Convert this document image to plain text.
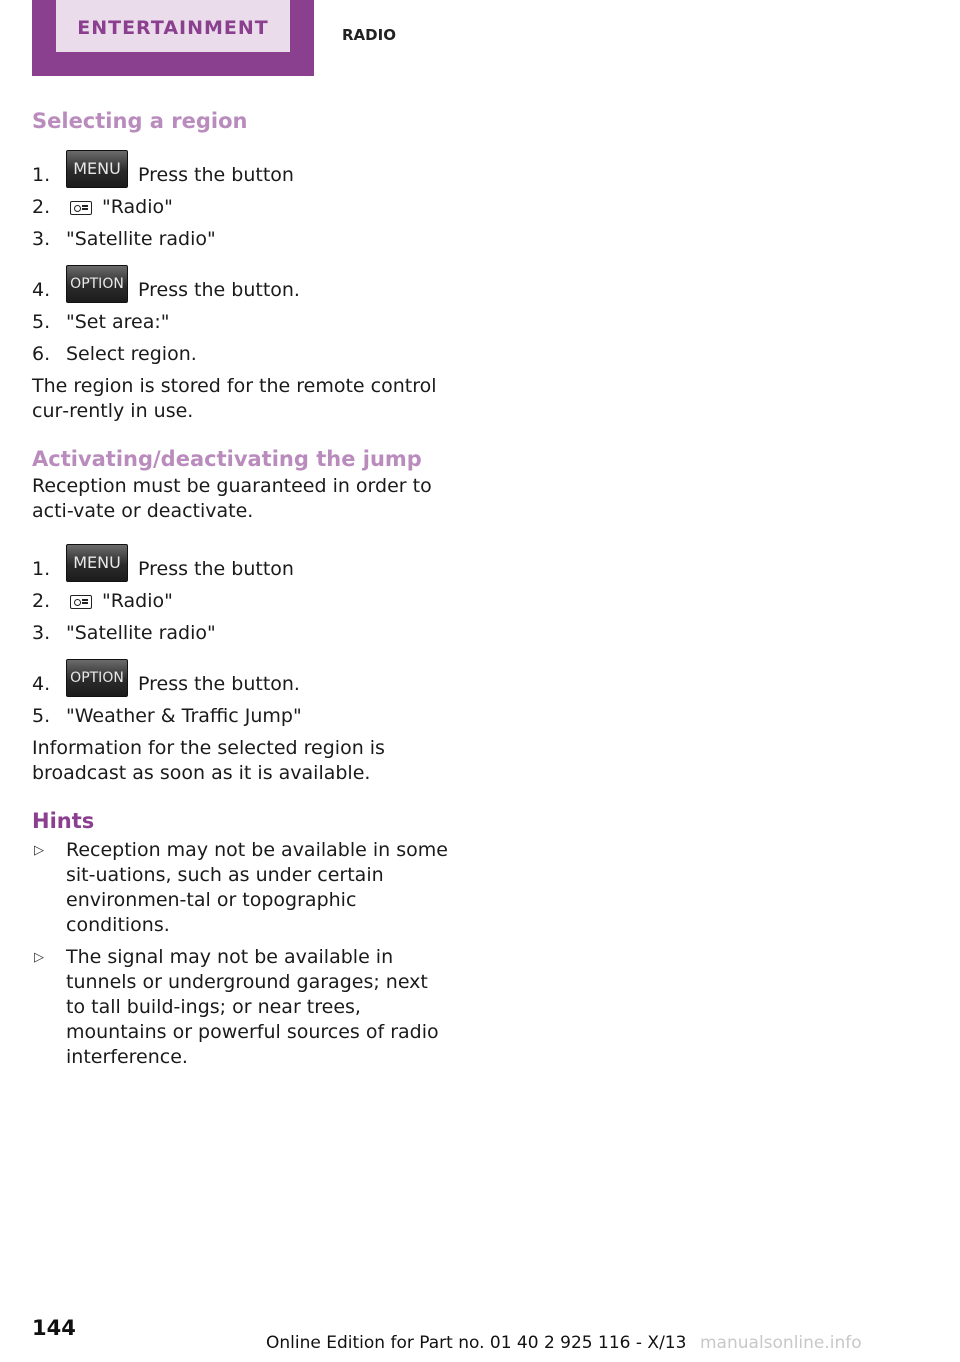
ENTERTAINMENT	RADIO
Selecting a region
1.	MENU Press the button
2.	"Radio"
3. "Satellite radio"
4.	OPTION Press the button.
5. "Set area:"
6. Select region.

The region is stored for the remote control cur‐rently in use.

Activating/deactivating the jump

Reception must be guaranteed in order to acti‐vate or deactivate.

1.	MENU Press the button
2.	"Radio"
3. "Satellite radio"
4.	OPTION Press the button.
5. "Weather & Traffic Jump"

Information for the selected region is broadcast as soon as it is available.

Hints
▷ Reception may not be available in some sit‐uations, such as under certain environmen‐tal or topographic conditions.
▷ The signal may not be available in tunnels or underground garages; next to tall build‐ings; or near trees, mountains or powerful sources of radio interference.
144
Online Edition for Part no. 01 40 2 925 116 - X/13 manualsonline.info
